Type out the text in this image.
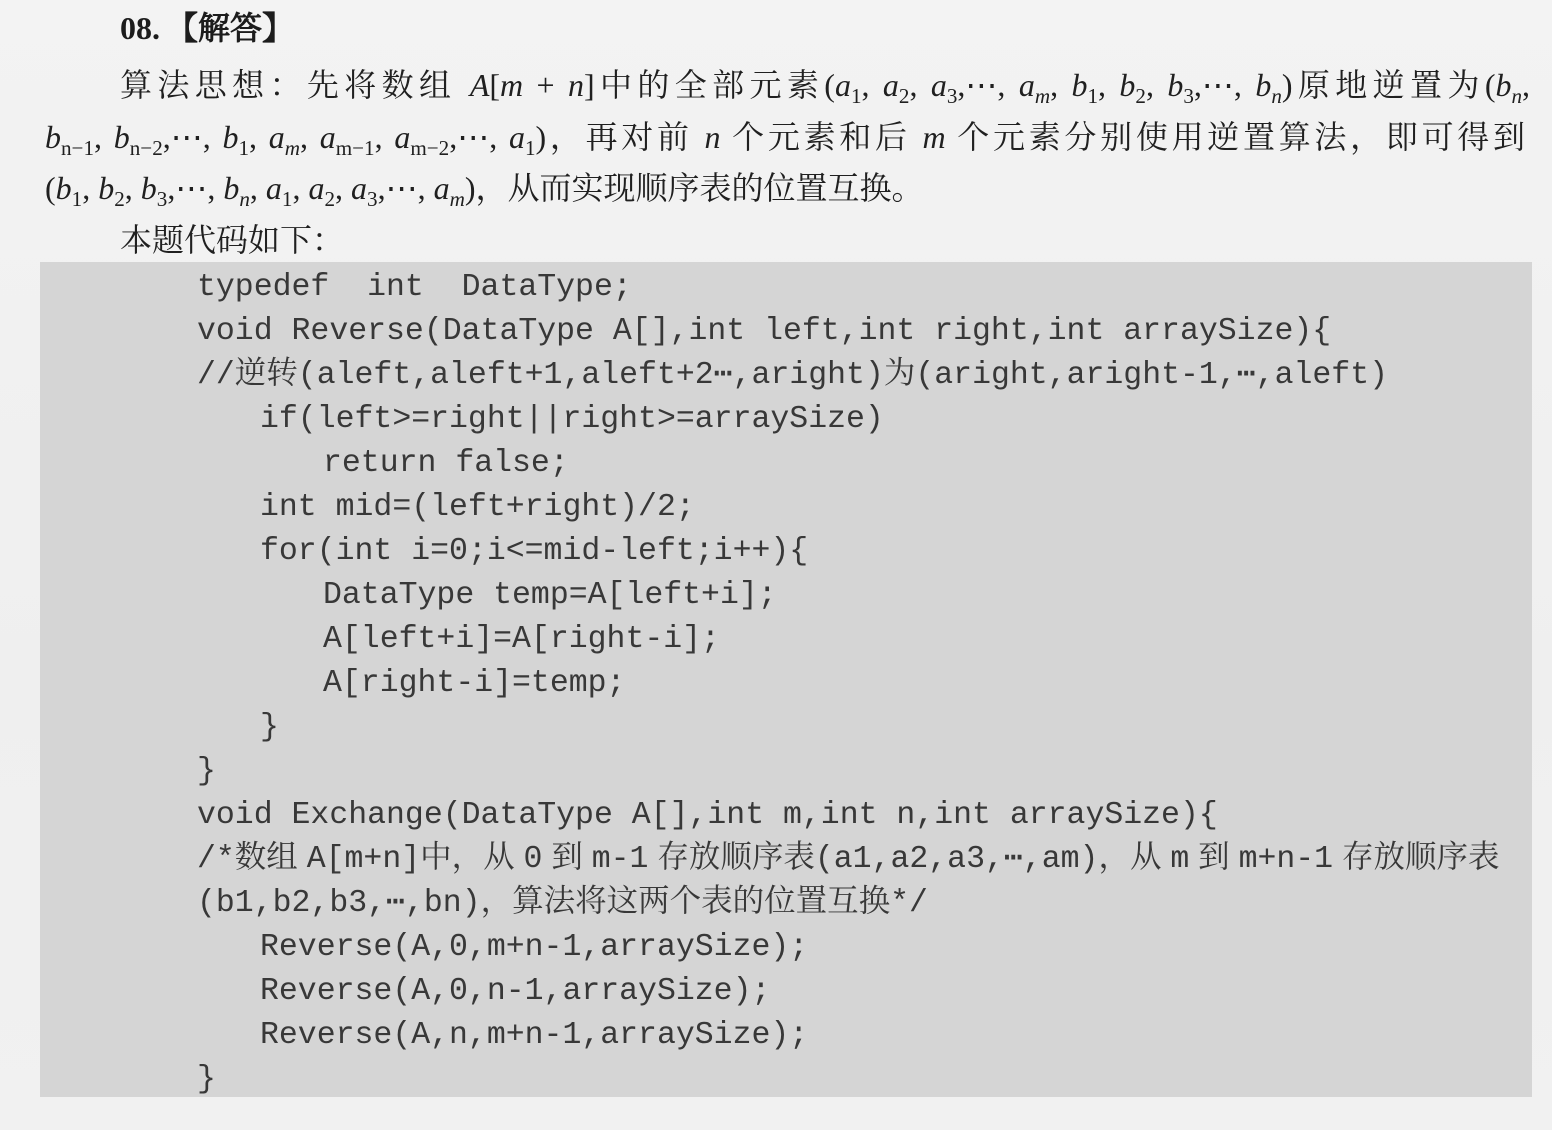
08. 【解答】
算法思想：先将数组 A[m + n]中的全部元素($a_1$, $a_2$, $a_3,\cdots$, $a_m$, $b_1$, $b_2$, $b_3,\cdots$, $b_n$)原地逆置为($b_n$,
$b_{n-1}$, $b_{n-2},\cdots$, $b_1$, $a_m$, $a_{m-1}$, $a_{m-2},\cdots$, $a_1$)，再对前 n 个元素和后 m 个元素分别使用逆置算法，即可得到
($b_1$, $b_2$, $b_3,\cdots$, $b_n$, $a_1$, $a_2$, $a_3,\cdots$, $a_m$)，从而实现顺序表的位置互换。
本题代码如下：
typedef  int  DataType;
void Reverse(DataType A[],int left,int right,int arraySize){
//逆转(aleft,aleft+1,aleft+2⋯,aright)为(aright,aright-1,⋯,aleft)
if(left>=right||right>=arraySize)
return false;
int mid=(left+right)/2;
for(int i=0;i<=mid-left;i++){
DataType temp=A[left+i];
A[left+i]=A[right-i];
A[right-i]=temp;
}
}
void Exchange(DataType A[],int m,int n,int arraySize){
/*数组 A[m+n]中，从 0 到 m-1 存放顺序表(a1,a2,a3,⋯,am)，从 m 到 m+n-1 存放顺序表
(b1,b2,b3,⋯,bn)，算法将这两个表的位置互换*/
Reverse(A,0,m+n-1,arraySize);
Reverse(A,0,n-1,arraySize);
Reverse(A,n,m+n-1,arraySize);
}
